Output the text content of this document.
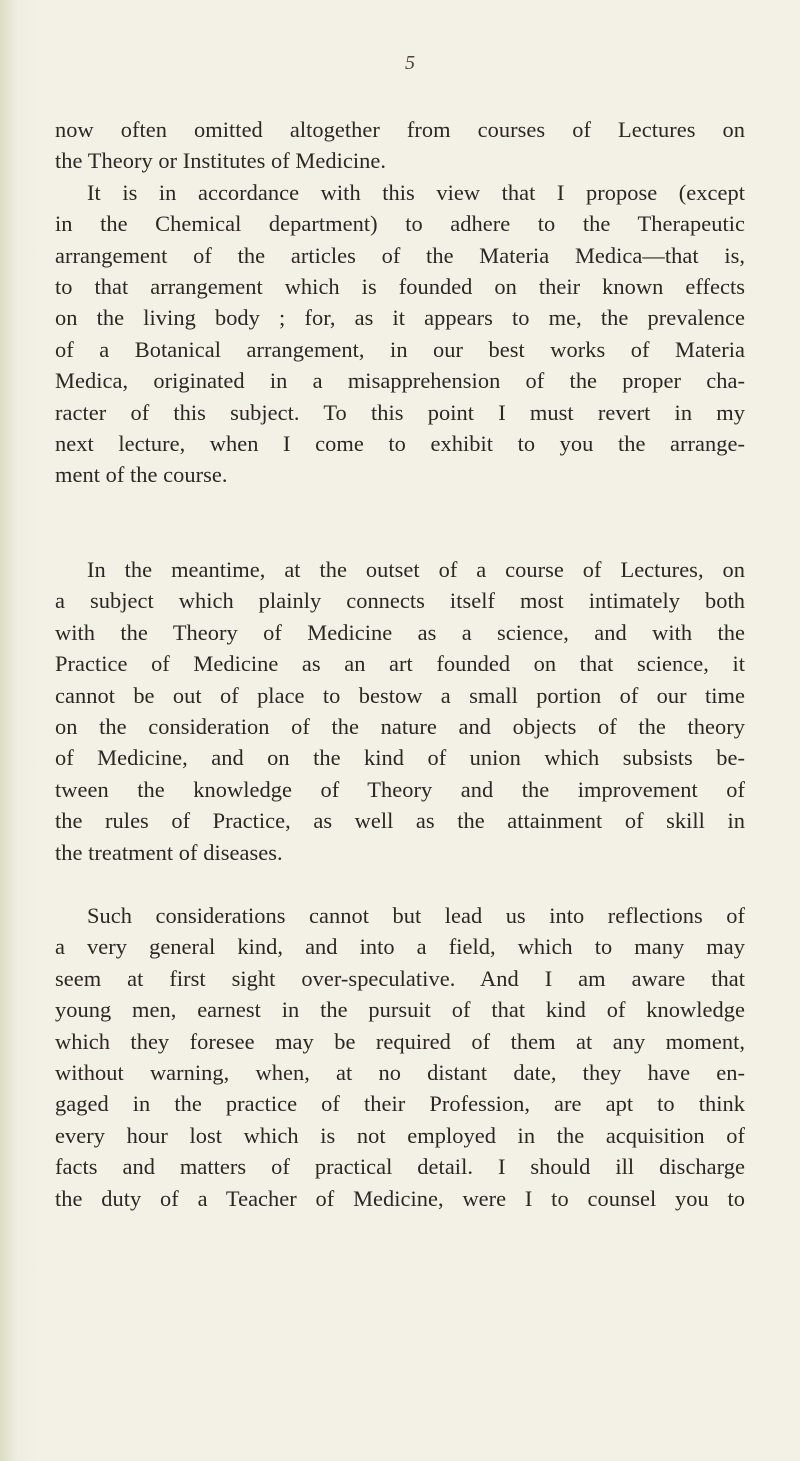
5
now often omitted altogether from courses of Lectures on
the Theory or Institutes of Medicine.
It is in accordance with this view that I propose (except
in the Chemical department) to adhere to the Therapeutic
arrangement of the articles of the Materia Medica—that is,
to that arrangement which is founded on their known effects
on the living body ; for, as it appears to me, the prevalence
of a Botanical arrangement, in our best works of Materia
Medica, originated in a misapprehension of the proper cha-
racter of this subject. To this point I must revert in my
next lecture, when I come to exhibit to you the arrange-
ment of the course.
In the meantime, at the outset of a course of Lectures, on
a subject which plainly connects itself most intimately both
with the Theory of Medicine as a science, and with the
Practice of Medicine as an art founded on that science, it
cannot be out of place to bestow a small portion of our time
on the consideration of the nature and objects of the theory
of Medicine, and on the kind of union which subsists be-
tween the knowledge of Theory and the improvement of
the rules of Practice, as well as the attainment of skill in
the treatment of diseases.
Such considerations cannot but lead us into reflections of
a very general kind, and into a field, which to many may
seem at first sight over-speculative. And I am aware that
young men, earnest in the pursuit of that kind of knowledge
which they foresee may be required of them at any moment,
without warning, when, at no distant date, they have en-
gaged in the practice of their Profession, are apt to think
every hour lost which is not employed in the acquisition of
facts and matters of practical detail. I should ill discharge
the duty of a Teacher of Medicine, were I to counsel you to
